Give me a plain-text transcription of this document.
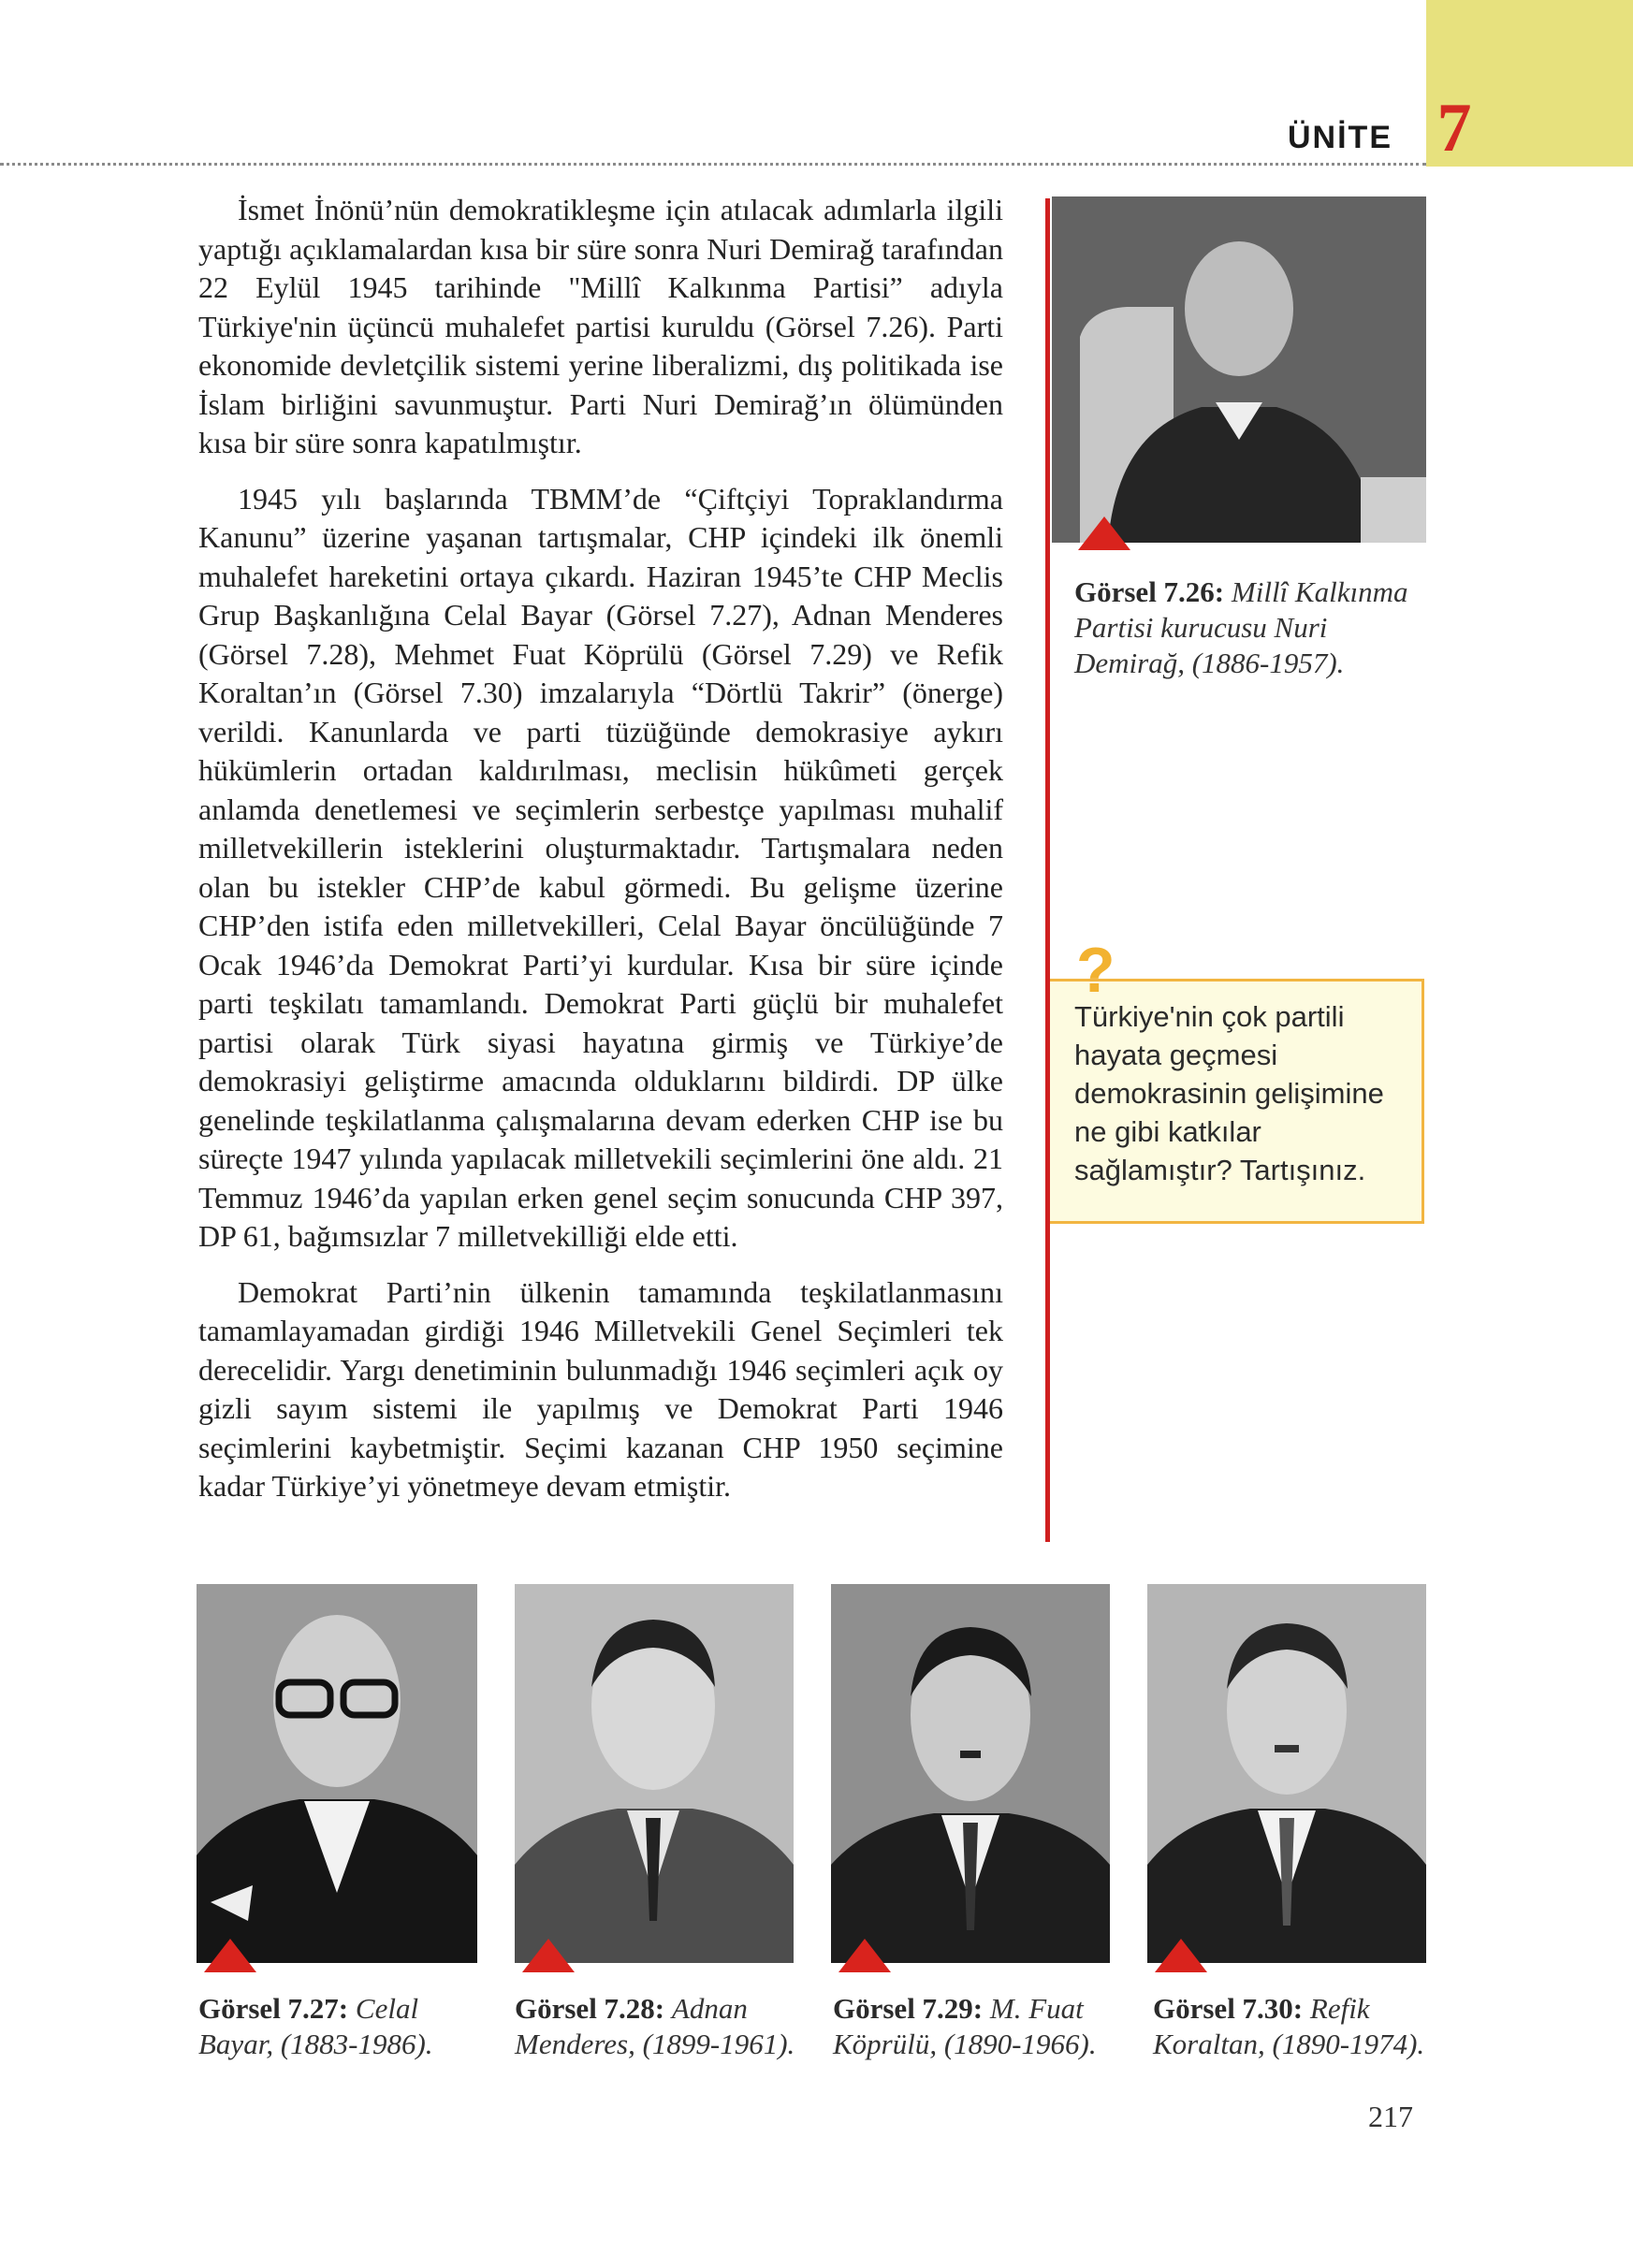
ÜNİTE 7

İsmet İnönü’nün demokratikleşme için atılacak adımlarla ilgili yaptığı açıklamalardan kısa bir süre sonra Nuri Demirağ tarafından 22 Eylül 1945 tarihinde "Millî Kalkınma Partisi” adıyla Türkiye'nin üçüncü muhalefet partisi kuruldu (Görsel 7.26). Parti ekonomide devletçilik sistemi yerine liberalizmi, dış politikada ise İslam birliğini savunmuştur. Parti Nuri Demirağ’ın ölümünden kısa bir süre sonra kapatılmıştır.

1945 yılı başlarında TBMM’de “Çiftçiyi Topraklandırma Kanunu” üzerine yaşanan tartışmalar, CHP içindeki ilk önemli muhalefet hareketini ortaya çıkardı. Haziran 1945’te CHP Meclis Grup Başkanlığına Celal Bayar (Görsel 7.27), Adnan Menderes (Görsel 7.28), Mehmet Fuat Köprülü (Görsel 7.29) ve Refik Koraltan’ın (Görsel 7.30) imzalarıyla “Dörtlü Takrir” (önerge) verildi. Kanunlarda ve parti tüzüğünde demokrasiye aykırı hükümlerin ortadan kaldırılması, meclisin hükûmeti gerçek anlamda denetlemesi ve seçimlerin serbestçe yapılması muhalif milletvekillerin isteklerini oluşturmaktadır. Tartışmalara neden olan bu istekler CHP’de kabul görmedi. Bu gelişme üzerine CHP’den istifa eden milletvekilleri, Celal Bayar öncülüğünde 7 Ocak 1946’da Demokrat Parti’yi kurdular. Kısa bir süre içinde parti teşkilatı tamamlandı. Demokrat Parti güçlü bir muhalefet partisi olarak Türk siyasi hayatına girmiş ve Türkiye’de demokrasiyi geliştirme amacında olduklarını bildirdi. DP ülke genelinde teşkilatlanma çalışmalarına devam ederken CHP ise bu süreçte 1947 yılında yapılacak milletvekili seçimlerini öne aldı. 21 Temmuz 1946’da yapılan erken genel seçim sonucunda CHP 397, DP 61, bağımsızlar 7 milletvekilliği elde etti.

Demokrat Parti’nin ülkenin tamamında teşkilatlanmasını tamamlayamadan girdiği 1946 Milletvekili Genel Seçimleri tek derecelidir. Yargı denetiminin bulunmadığı 1946 seçimleri açık oy gizli sayım sistemi ile yapılmış ve Demokrat Parti 1946 seçimlerini kaybetmiştir. Seçimi kazanan CHP 1950 seçimine kadar Türkiye’yi yönetmeye devam etmiştir.

Görsel 7.26: Millî Kalkınma Partisi kurucusu Nuri Demirağ, (1886-1957).
?
Türkiye'nin çok partili hayata geçmesi demokrasinin gelişimine ne gibi katkılar sağlamıştır? Tartışınız.
Görsel 7.27: Celal Bayar, (1883-1986).
Görsel 7.28: Adnan Menderes, (1899-1961).
Görsel 7.29: M. Fuat Köprülü, (1890-1966).
Görsel 7.30: Refik Koraltan, (1890-1974).
217
